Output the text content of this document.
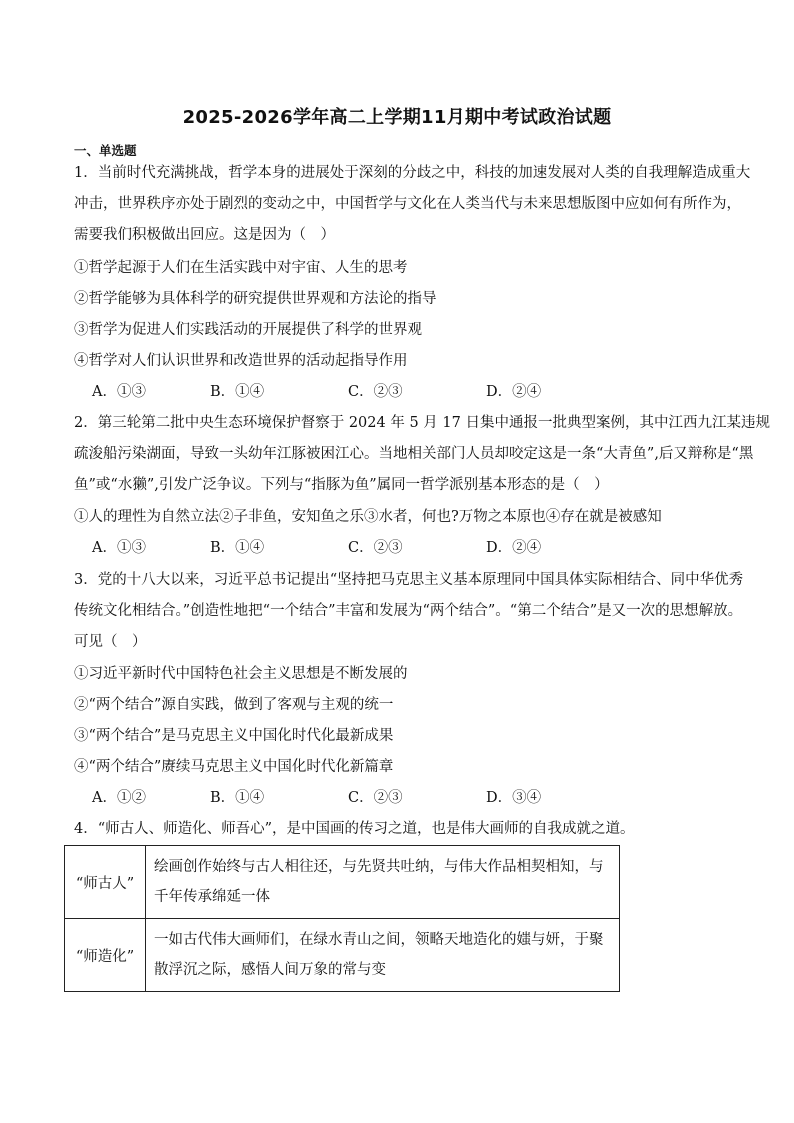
2025-2026学年高二上学期11月期中考试政治试题
一、单选题
1．当前时代充满挑战，哲学本身的进展处于深刻的分歧之中，科技的加速发展对人类的自我理解造成重大
冲击，世界秩序亦处于剧烈的变动之中，中国哲学与文化在人类当代与未来思想版图中应如何有所作为，
需要我们积极做出回应。这是因为（　）
①哲学起源于人们在生活实践中对宇宙、人生的思考
②哲学能够为具体科学的研究提供世界观和方法论的指导
③哲学为促进人们实践活动的开展提供了科学的世界观
④哲学对人们认识世界和改造世界的活动起指导作用
A．①③	B．①④	C．②③	D．②④
2．第三轮第二批中央生态环境保护督察于 2024 年 5 月 17 日集中通报一批典型案例，其中江西九江某违规
疏浚船污染湖面，导致一头幼年江豚被困江心。当地相关部门人员却咬定这是一条“大青鱼”,后又辩称是“黑
鱼”或“水獭”,引发广泛争议。下列与“指豚为鱼”属同一哲学派别基本形态的是（　）
①人的理性为自然立法②子非鱼，安知鱼之乐③水者，何也?万物之本原也④存在就是被感知
A．①③	B．①④	C．②③	D．②④
3．党的十八大以来，习近平总书记提出“坚持把马克思主义基本原理同中国具体实际相结合、同中华优秀
传统文化相结合。”创造性地把“一个结合”丰富和发展为“两个结合”。“第二个结合”是又一次的思想解放。
可见（　）
①习近平新时代中国特色社会主义思想是不断发展的
②“两个结合”源自实践，做到了客观与主观的统一
③“两个结合”是马克思主义中国化时代化最新成果
④“两个结合”赓续马克思主义中国化时代化新篇章
A．①②	B．①④	C．②③	D．③④
4．“师古人、师造化、师吾心”，是中国画的传习之道，也是伟大画师的自我成就之道。
“师古人”	绘画创作始终与古人相往还，与先贤共吐纳，与伟大作品相契相知，与千年传承绵延一体
“师造化”	一如古代伟大画师们，在绿水青山之间，领略天地造化的媸与妍，于聚散浮沉之际，感悟人间万象的常与变
